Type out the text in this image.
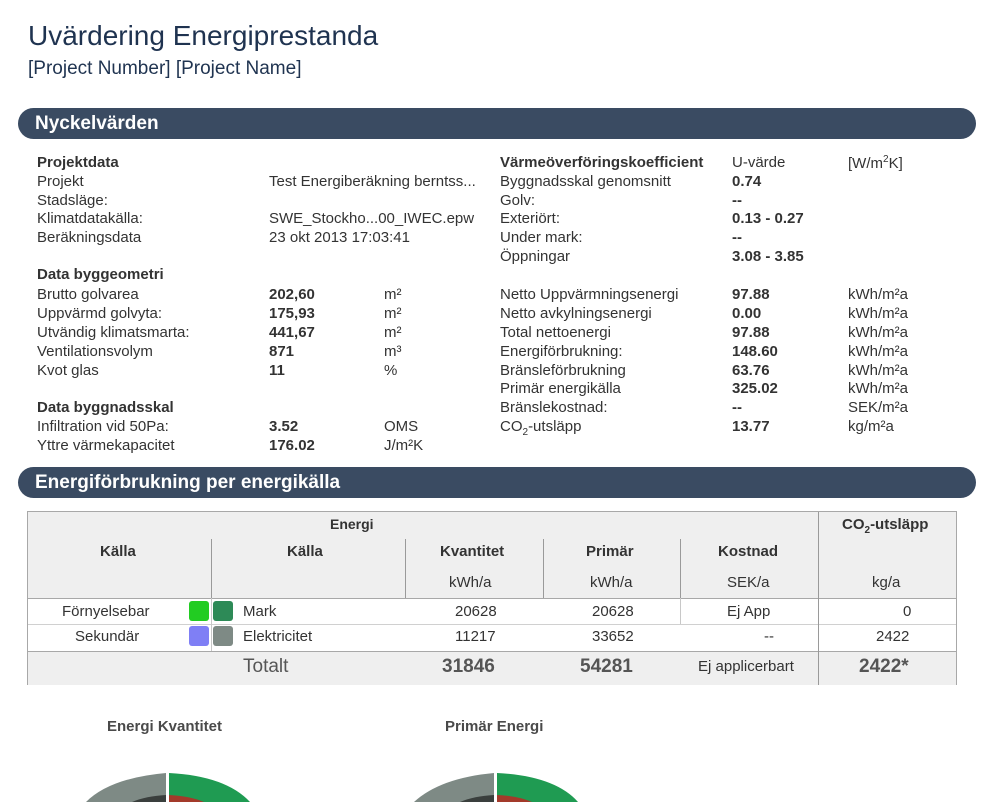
Uvärdering Energiprestanda
[Project Number] [Project Name]
Nyckelvärden
Projektdata
Projekt	Test Energiberäkning berntss...
Stadsläge:
Klimatdatakälla:	SWE_Stockho...00_IWEC.epw
Beräkningsdata	23 okt 2013 17:03:41
Data byggeometri
Brutto golvarea	202,60	m²
Uppvärmd golvyta:	175,93	m²
Utvändig klimatsmarta:	441,67	m²
Ventilationsvolym	871	m³
Kvot glas	11	%
Data byggnadsskal
Infiltration vid 50Pa:	3.52	OMS
Yttre värmekapacitet	176.02	J/m²K
Värmeöverföringskoefficient U-värde	$[W/m^2K]$
Byggnadsskal genomsnitt	0.74
Golv:	--
Exteriört:	0.13 - 0.27
Under mark:	--
Öppningar	3.08 - 3.85
Netto Uppvärmningsenergi	97.88	kWh/m²a
Netto avkylningsenergi	0.00	kWh/m²a
Total nettoenergi	97.88	kWh/m²a
Energiförbrukning:	148.60	kWh/m²a
Bränsleförbrukning	63.76	kWh/m²a
Primär energikälla	325.02	kWh/m²a
Bränslekostnad:	--	SEK/m²a
$CO_2$-utsläpp	13.77	kg/m²a
Energiförbrukning per energikälla
Energi	$CO_2$-utsläpp
Källa	Källa	Kvantitet	Primär	Kostnad
kWh/a	kWh/a	SEK/a	kg/a
Förnyelsebar	Mark	20628	20628	Ej App	0
Sekundär	Elektricitet	11217	33652	--	2422
Totalt	31846	54281	Ej applicerbart	2422*
Energi Kvantitet	Primär Energi
